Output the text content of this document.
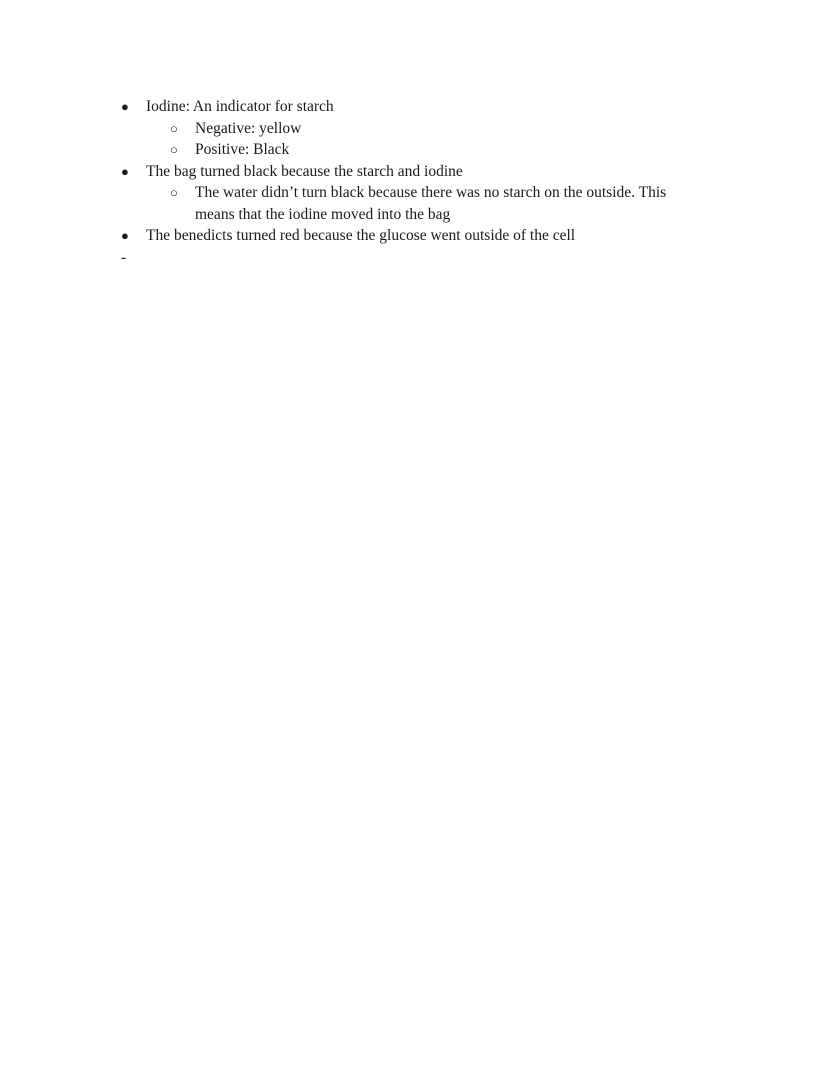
● Iodine: An indicator for starch
○ Negative: yellow
○ Positive: Black
● The bag turned black because the starch and iodine
○ The water didn’t turn black because there was no starch on the outside. This means that the iodine moved into the bag
● The benedicts turned red because the glucose went outside of the cell
-
